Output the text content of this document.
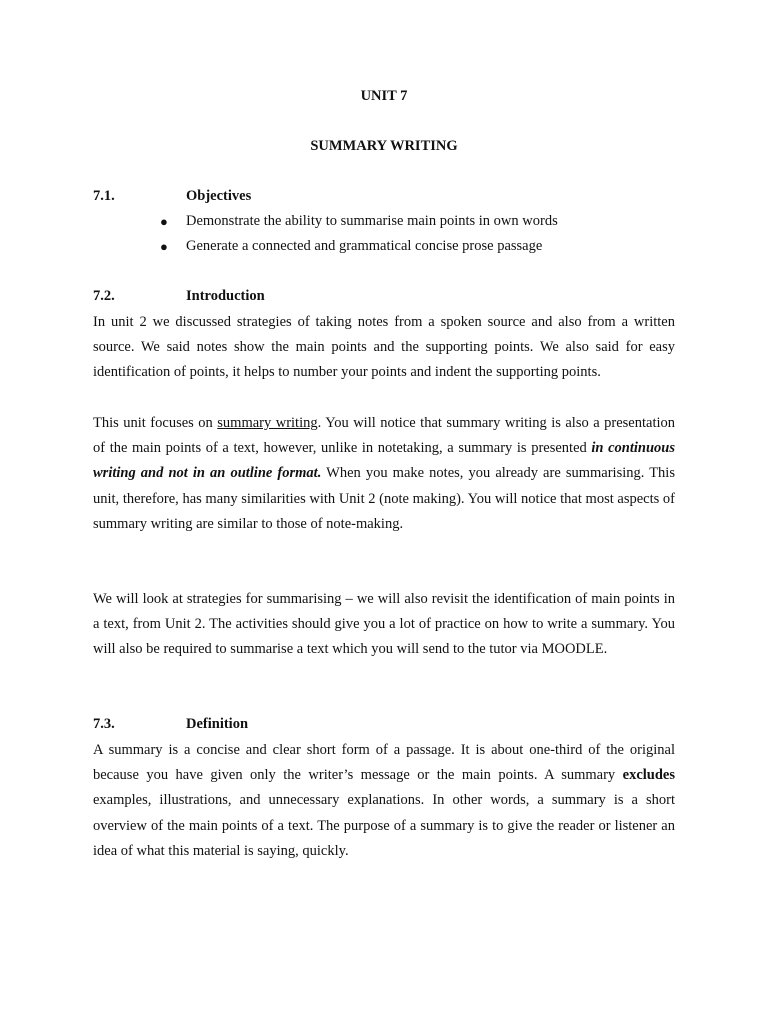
UNIT 7
SUMMARY WRITING
7.1.	Objectives
● Demonstrate the ability to summarise main points in own words
● Generate a connected and grammatical concise prose passage
7.2.	Introduction

In unit 2 we discussed strategies of taking notes from a spoken source and also from a written source. We said notes show the main points and the supporting points. We also said for easy identification of points, it helps to number your points and indent the supporting points.

This unit focuses on summary writing. You will notice that summary writing is also a presentation of the main points of a text, however, unlike in notetaking, a summary is presented in continuous writing and not in an outline format. When you make notes, you already are summarising. This unit, therefore, has many similarities with Unit 2 (note making). You will notice that most aspects of summary writing are similar to those of note-making.

We will look at strategies for summarising – we will also revisit the identification of main points in a text, from Unit 2. The activities should give you a lot of practice on how to write a summary. You will also be required to summarise a text which you will send to the tutor via MOODLE.

7.3.	Definition

A summary is a concise and clear short form of a passage. It is about one-third of the original because you have given only the writer’s message or the main points. A summary excludes examples, illustrations, and unnecessary explanations. In other words, a summary is a short overview of the main points of a text. The purpose of a summary is to give the reader or listener an idea of what this material is saying, quickly.
